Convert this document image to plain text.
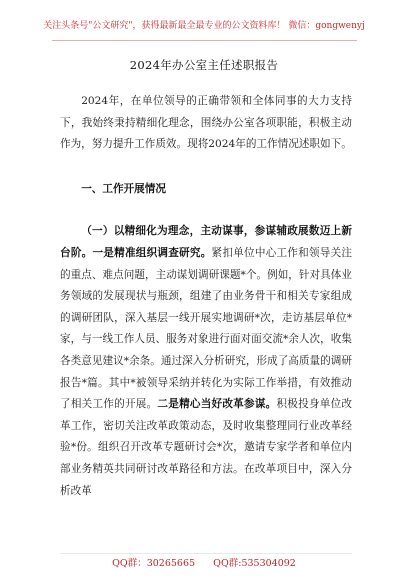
关注头条号"公文研究"，获得最新最全最专业的公文资料库！ 微信：gongwenyj
2024年办公室主任述职报告

2024年，在单位领导的正确带领和全体同事的大力支持下，我始终秉持精细化理念，围绕办公室各项职能，积极主动作为，努力提升工作质效。现将2024年的工作情况述职如下。

一、工作开展情况

（一）以精细化为理念，主动谋事，参谋辅政展数迈上新台阶。一是精准组织调查研究。紧扣单位中心工作和领导关注的重点、难点问题，主动谋划调研课题*个。例如，针对具体业务领域的发展现状与瓶颈，组建了由业务骨干和相关专家组成的调研团队，深入基层一线开展实地调研*次，走访基层单位*家，与一线工作人员、服务对象进行面对面交流*余人次，收集各类意见建议*余条。通过深入分析研究，形成了高质量的调研报告*篇。其中*被领导采纳并转化为实际工作举措，有效推动了相关工作的开展。二是精心当好改革参谋。积极投身单位改革工作，密切关注改革政策动态，及时收集整理同行业改革经验*份。组织召开改革专题研讨会*次，邀请专家学者和单位内部业务精英共同研讨改革路径和方法。在改革项目中，深入分析改革

QQ群：30265665      QQ群:535304092
